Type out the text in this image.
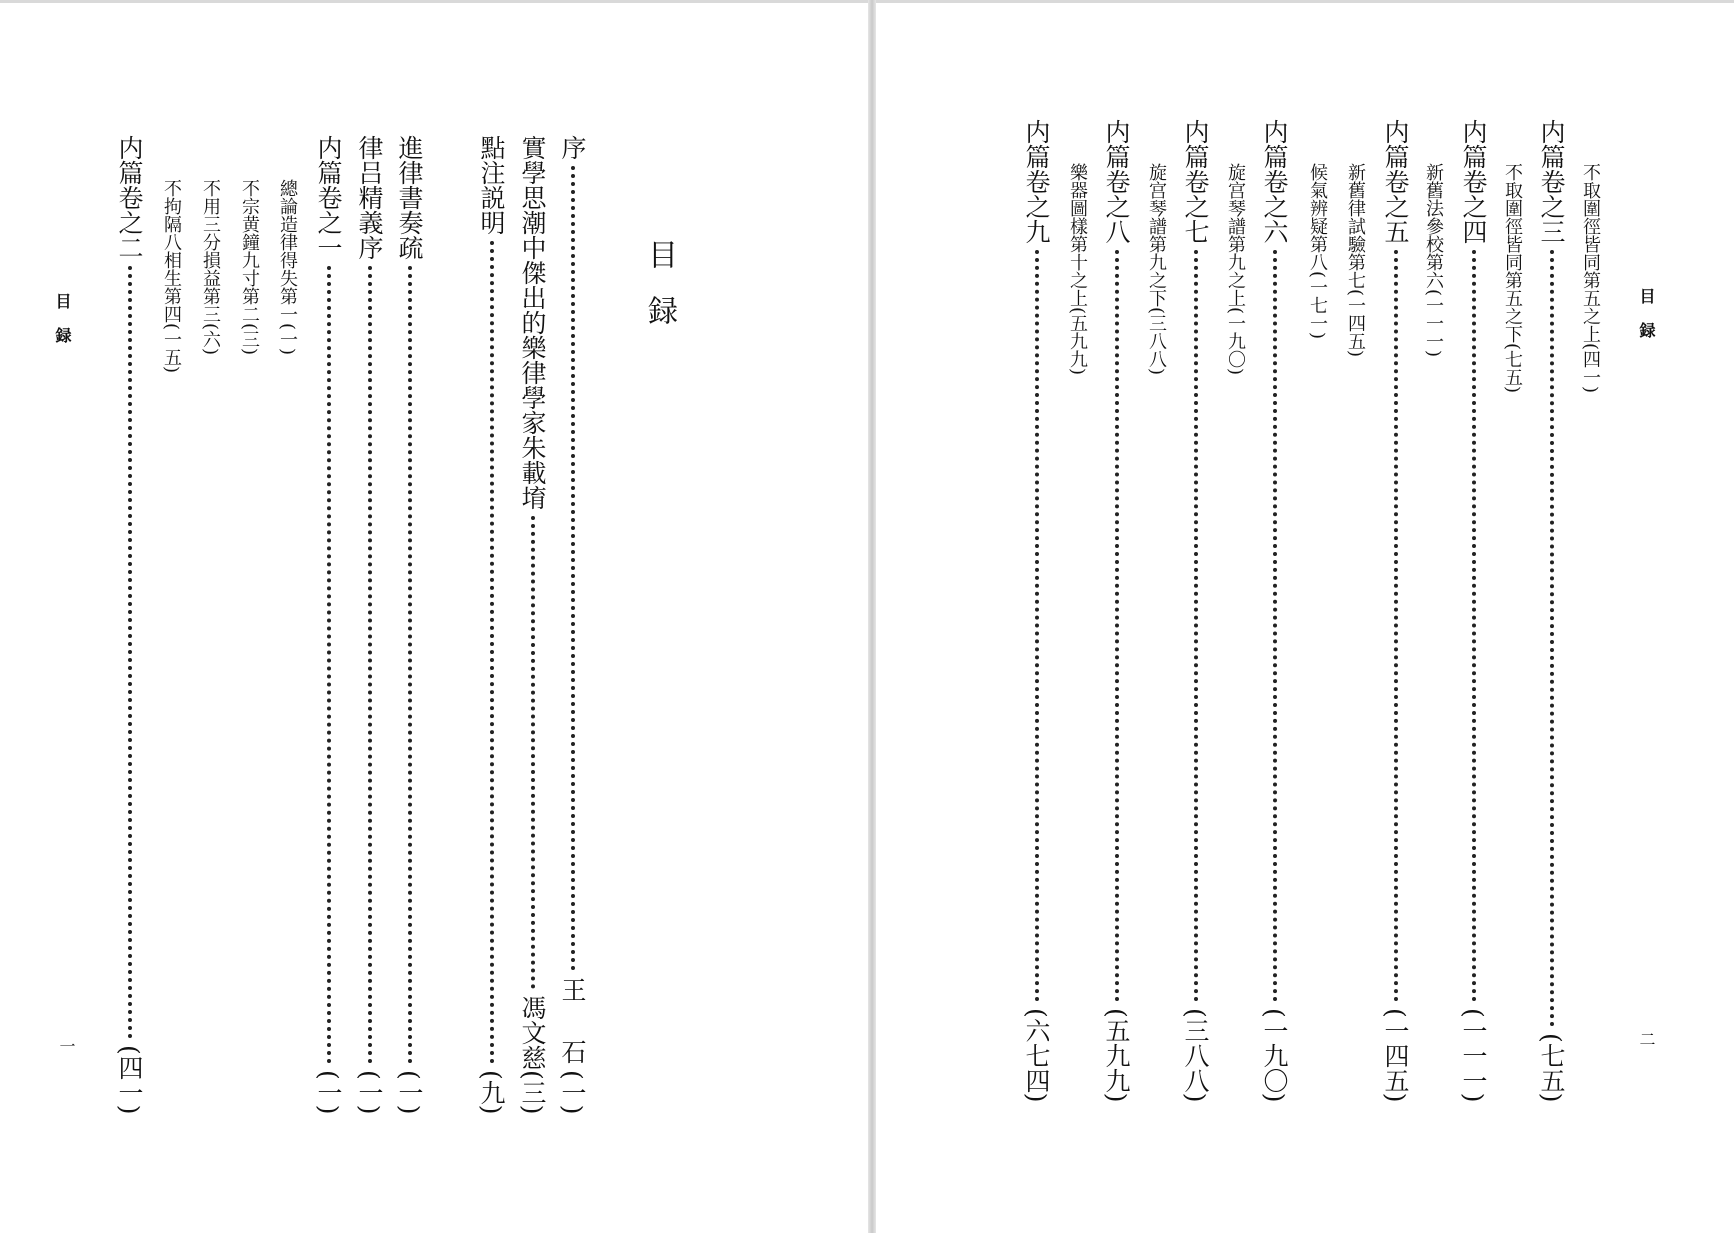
目録
一
目録
序
王　石
(一)
實學思潮中傑出的樂律學家朱載堉
馮文慈
(三)
點注説明
(九)
進律書奏疏
(一)
律吕精義序
(一)
内篇卷之一
(一)
總論造律得失第一
(一)
不宗黄鐘九寸第二
(三)
不用三分損益第三
(六)
不拘隔八相生第四
(一五)
内篇卷之二
(四一)
目録
二
不取圍徑皆同第五之上
(四一)
内篇卷之三
(七五)
不取圍徑皆同第五之下
(七五)
内篇卷之四
(一一一)
新舊法參校第六
(一一一)
内篇卷之五
(一四五)
新舊律試驗第七
(一四五)
候氣辨疑第八
(一七一)
内篇卷之六
(一九〇)
旋宫琴譜第九之上
(一九〇)
内篇卷之七
(三八八)
旋宫琴譜第九之下
(三八八)
内篇卷之八
(五九九)
樂器圖樣第十之上
(五九九)
内篇卷之九
(六七四)
